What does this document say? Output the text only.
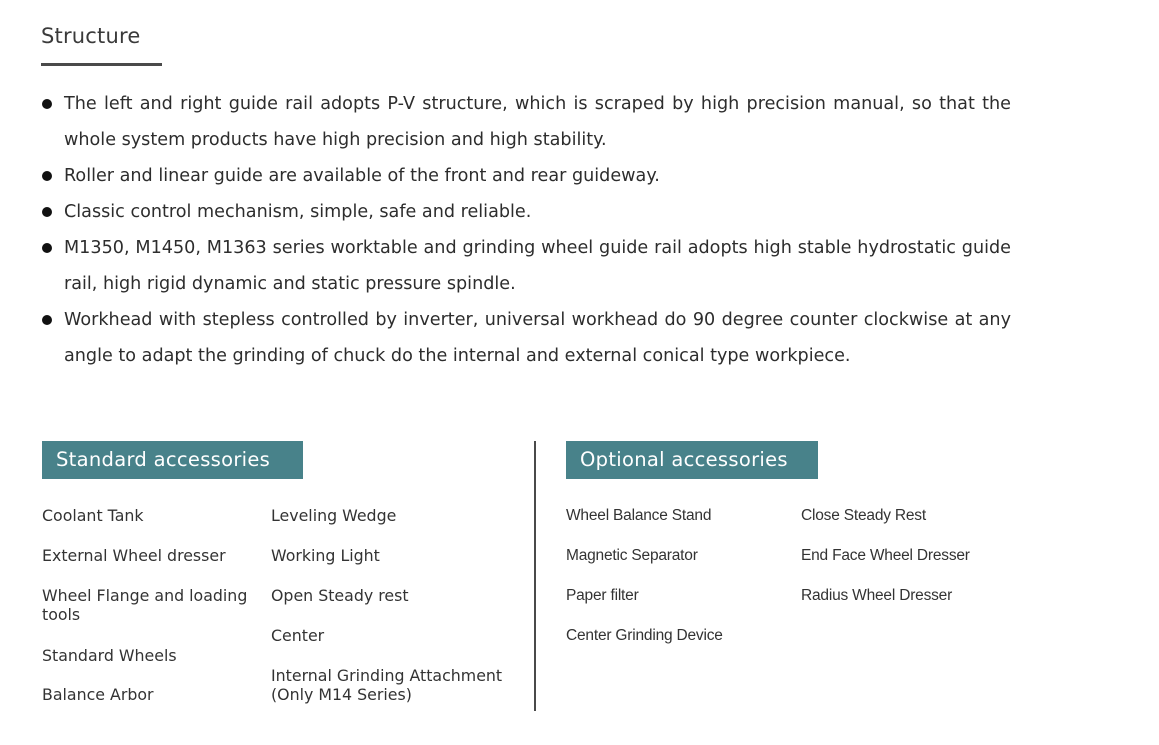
Structure
The left and right guide rail adopts P-V structure, which is scraped by high precision manual, so that the whole system products have high precision and high stability.
Roller and linear guide are available of the front and rear guideway.
Classic control mechanism, simple, safe and reliable.
M1350, M1450, M1363 series worktable and grinding wheel guide rail adopts high stable hydrostatic guide rail, high rigid dynamic and static pressure spindle.
Workhead with stepless controlled by inverter, universal workhead do 90 degree counter clockwise at any angle to adapt the grinding of chuck do the internal and external conical type workpiece.
Standard accessories
Coolant Tank
External Wheel dresser
Wheel Flange and loading tools
Standard Wheels
Balance Arbor
Leveling Wedge
Working Light
Open Steady rest
Center
Internal Grinding Attachment (Only M14 Series)
Optional accessories
Wheel Balance Stand
Magnetic Separator
Paper filter
Center Grinding Device
Close Steady Rest
End Face Wheel Dresser
Radius Wheel Dresser
